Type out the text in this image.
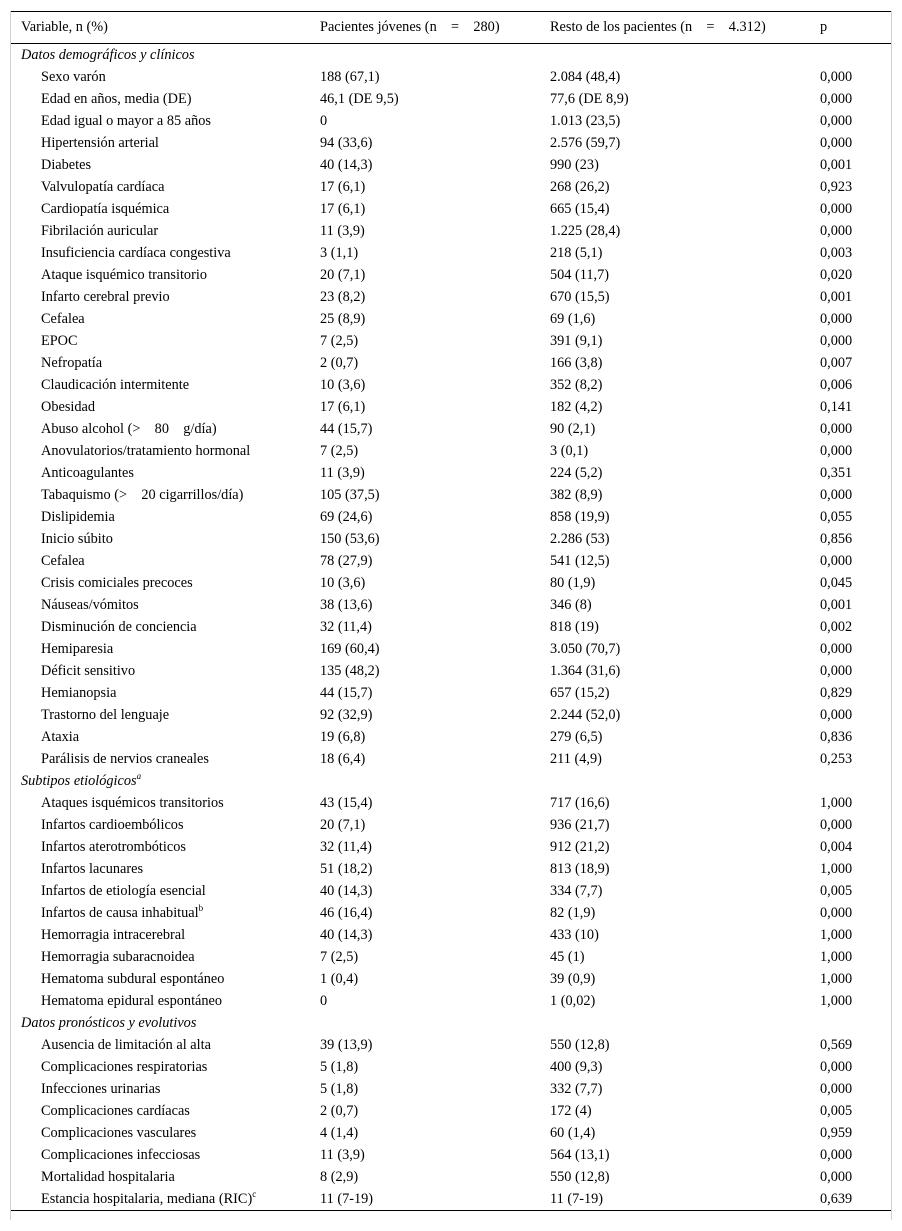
Variable, n (%)	Pacientes jóvenes (n = 280)	Resto de los pacientes (n = 4.312)	p
Datos demográficos y clínicos			
Sexo varón	188 (67,1)	2.084 (48,4)	0,000
Edad en años, media (DE)	46,1 (DE 9,5)	77,6 (DE 8,9)	0,000
Edad igual o mayor a 85 años	0	1.013 (23,5)	0,000
Hipertensión arterial	94 (33,6)	2.576 (59,7)	0,000
Diabetes	40 (14,3)	990 (23)	0,001
Valvulopatía cardíaca	17 (6,1)	268 (26,2)	0,923
Cardiopatía isquémica	17 (6,1)	665 (15,4)	0,000
Fibrilación auricular	11 (3,9)	1.225 (28,4)	0,000
Insuficiencia cardíaca congestiva	3 (1,1)	218 (5,1)	0,003
Ataque isquémico transitorio	20 (7,1)	504 (11,7)	0,020
Infarto cerebral previo	23 (8,2)	670 (15,5)	0,001
Cefalea	25 (8,9)	69 (1,6)	0,000
EPOC	7 (2,5)	391 (9,1)	0,000
Nefropatía	2 (0,7)	166 (3,8)	0,007
Claudicación intermitente	10 (3,6)	352 (8,2)	0,006
Obesidad	17 (6,1)	182 (4,2)	0,141
Abuso alcohol (> 80 g/día)	44 (15,7)	90 (2,1)	0,000
Anovulatorios/tratamiento hormonal	7 (2,5)	3 (0,1)	0,000
Anticoagulantes	11 (3,9)	224 (5,2)	0,351
Tabaquismo (> 20 cigarrillos/día)	105 (37,5)	382 (8,9)	0,000
Dislipidemia	69 (24,6)	858 (19,9)	0,055
Inicio súbito	150 (53,6)	2.286 (53)	0,856
Cefalea	78 (27,9)	541 (12,5)	0,000
Crisis comiciales precoces	10 (3,6)	80 (1,9)	0,045
Náuseas/vómitos	38 (13,6)	346 (8)	0,001
Disminución de conciencia	32 (11,4)	818 (19)	0,002
Hemiparesia	169 (60,4)	3.050 (70,7)	0,000
Déficit sensitivo	135 (48,2)	1.364 (31,6)	0,000
Hemianopsia	44 (15,7)	657 (15,2)	0,829
Trastorno del lenguaje	92 (32,9)	2.244 (52,0)	0,000
Ataxia	19 (6,8)	279 (6,5)	0,836
Parálisis de nervios craneales	18 (6,4)	211 (4,9)	0,253
Subtipos etiológicos$^a$
Ataques isquémicos transitorios	43 (15,4)	717 (16,6)	1,000
Infartos cardioembólicos	20 (7,1)	936 (21,7)	0,000
Infartos aterotrombóticos	32 (11,4)	912 (21,2)	0,004
Infartos lacunares	51 (18,2)	813 (18,9)	1,000
Infartos de etiología esencial	40 (14,3)	334 (7,7)	0,005
Infartos de causa inhabitual$^b$	46 (16,4)	82 (1,9)	0,000
Hemorragia intracerebral	40 (14,3)	433 (10)	1,000
Hemorragia subaracnoidea	7 (2,5)	45 (1)	1,000
Hematoma subdural espontáneo	1 (0,4)	39 (0,9)	1,000
Hematoma epidural espontáneo	0	1 (0,02)	1,000
Datos pronósticos y evolutivos			
Ausencia de limitación al alta	39 (13,9)	550 (12,8)	0,569
Complicaciones respiratorias	5 (1,8)	400 (9,3)	0,000
Infecciones urinarias	5 (1,8)	332 (7,7)	0,000
Complicaciones cardíacas	2 (0,7)	172 (4)	0,005
Complicaciones vasculares	4 (1,4)	60 (1,4)	0,959
Complicaciones infecciosas	11 (3,9)	564 (13,1)	0,000
Mortalidad hospitalaria	8 (2,9)	550 (12,8)	0,000
Estancia hospitalaria, mediana (RIC)$^c$	11 (7-19)	11 (7-19)	0,639
